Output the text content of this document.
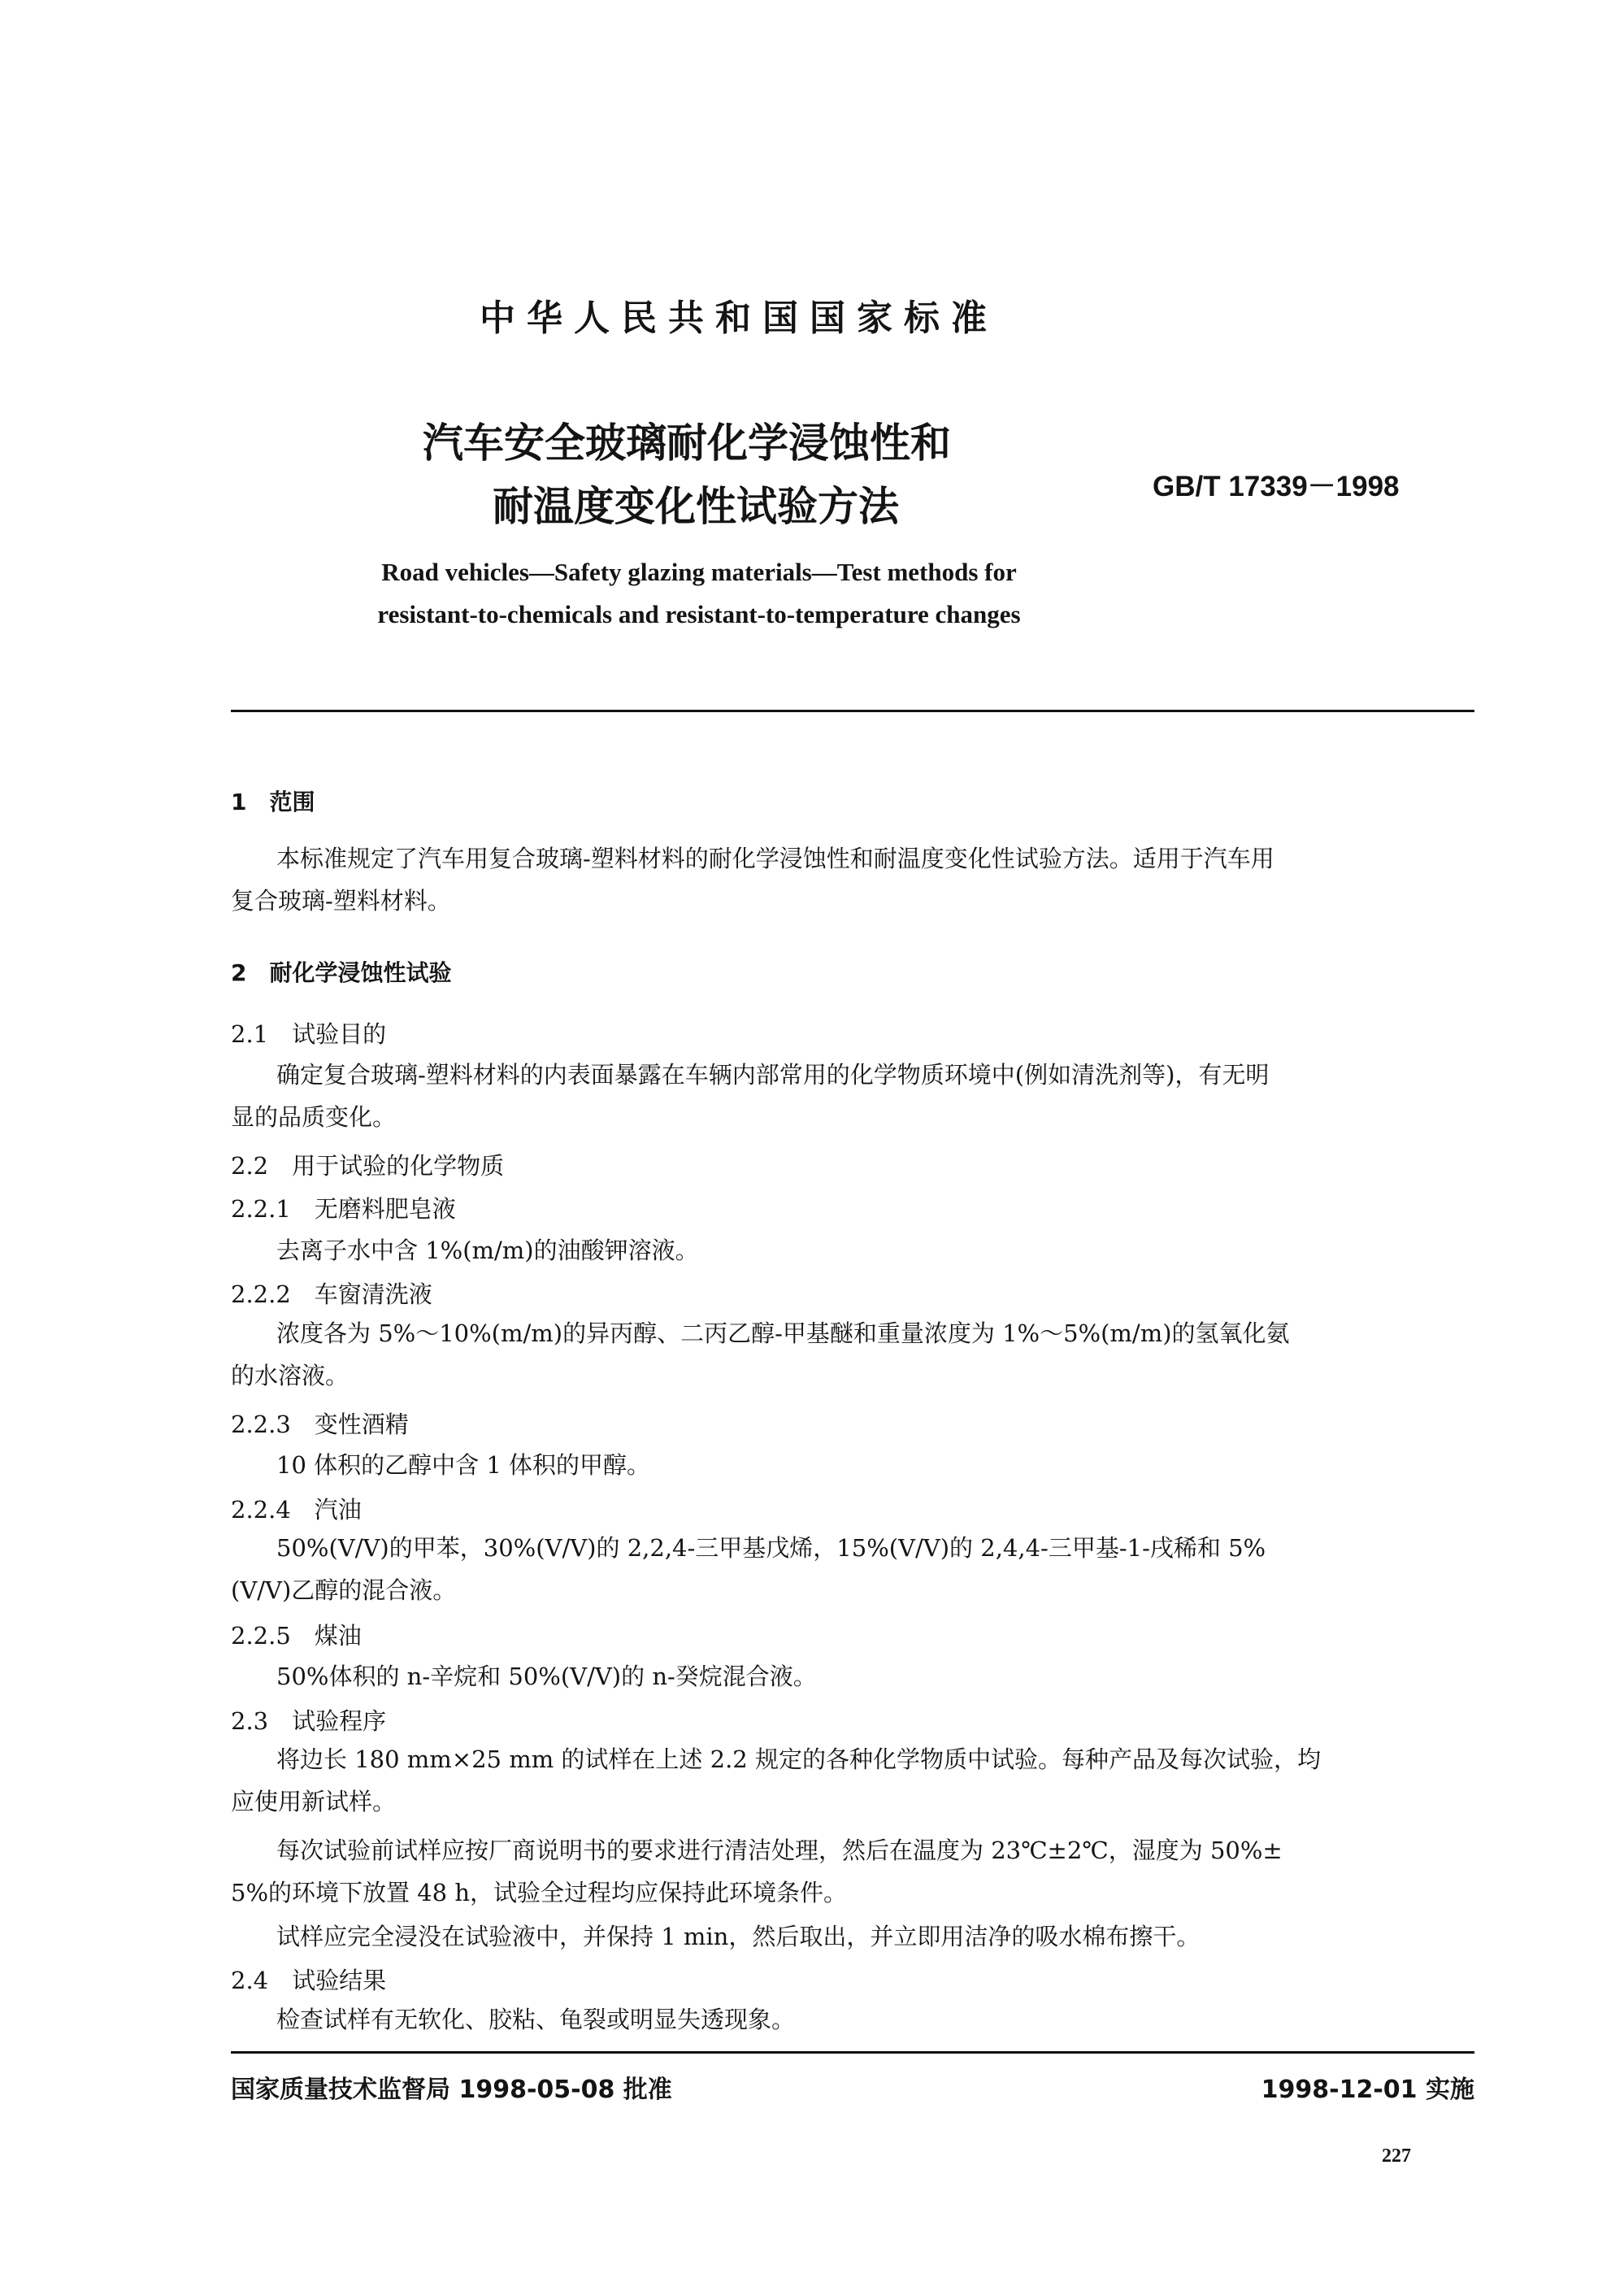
中华人民共和国国家标准
汽车安全玻璃耐化学浸蚀性和
耐温度变化性试验方法	GB/T 17339－1998
Road vehicles—Safety glazing materials—Test methods for
resistant-to-chemicals and resistant-to-temperature changes
1　范围
本标准规定了汽车用复合玻璃-塑料材料的耐化学浸蚀性和耐温度变化性试验方法。适用于汽车用
复合玻璃-塑料材料。
2　耐化学浸蚀性试验
2.1　试验目的
确定复合玻璃-塑料材料的内表面暴露在车辆内部常用的化学物质环境中(例如清洗剂等)，有无明
显的品质变化。
2.2　用于试验的化学物质
2.2.1　无磨料肥皂液
去离子水中含 1%(m/m)的油酸钾溶液。
2.2.2　车窗清洗液
浓度各为 5%～10%(m/m)的异丙醇、二丙乙醇-甲基醚和重量浓度为 1%～5%(m/m)的氢氧化氨
的水溶液。
2.2.3　变性酒精
10 体积的乙醇中含 1 体积的甲醇。
2.2.4　汽油
50%(V/V)的甲苯，30%(V/V)的 2,2,4-三甲基戊烯，15%(V/V)的 2,4,4-三甲基-1-戌稀和 5%
(V/V)乙醇的混合液。
2.2.5　煤油
50%体积的 n-辛烷和 50%(V/V)的 n-癸烷混合液。
2.3　试验程序
将边长 180 mm×25 mm 的试样在上述 2.2 规定的各种化学物质中试验。每种产品及每次试验，均
应使用新试样。
每次试验前试样应按厂商说明书的要求进行清洁处理，然后在温度为 23℃±2℃，湿度为 50%±
5%的环境下放置 48 h，试验全过程均应保持此环境条件。
试样应完全浸没在试验液中，并保持 1 min，然后取出，并立即用洁净的吸水棉布擦干。
2.4　试验结果
检查试样有无软化、胶粘、龟裂或明显失透现象。
国家质量技术监督局 1998-05-08 批准	1998-12-01 实施
227
